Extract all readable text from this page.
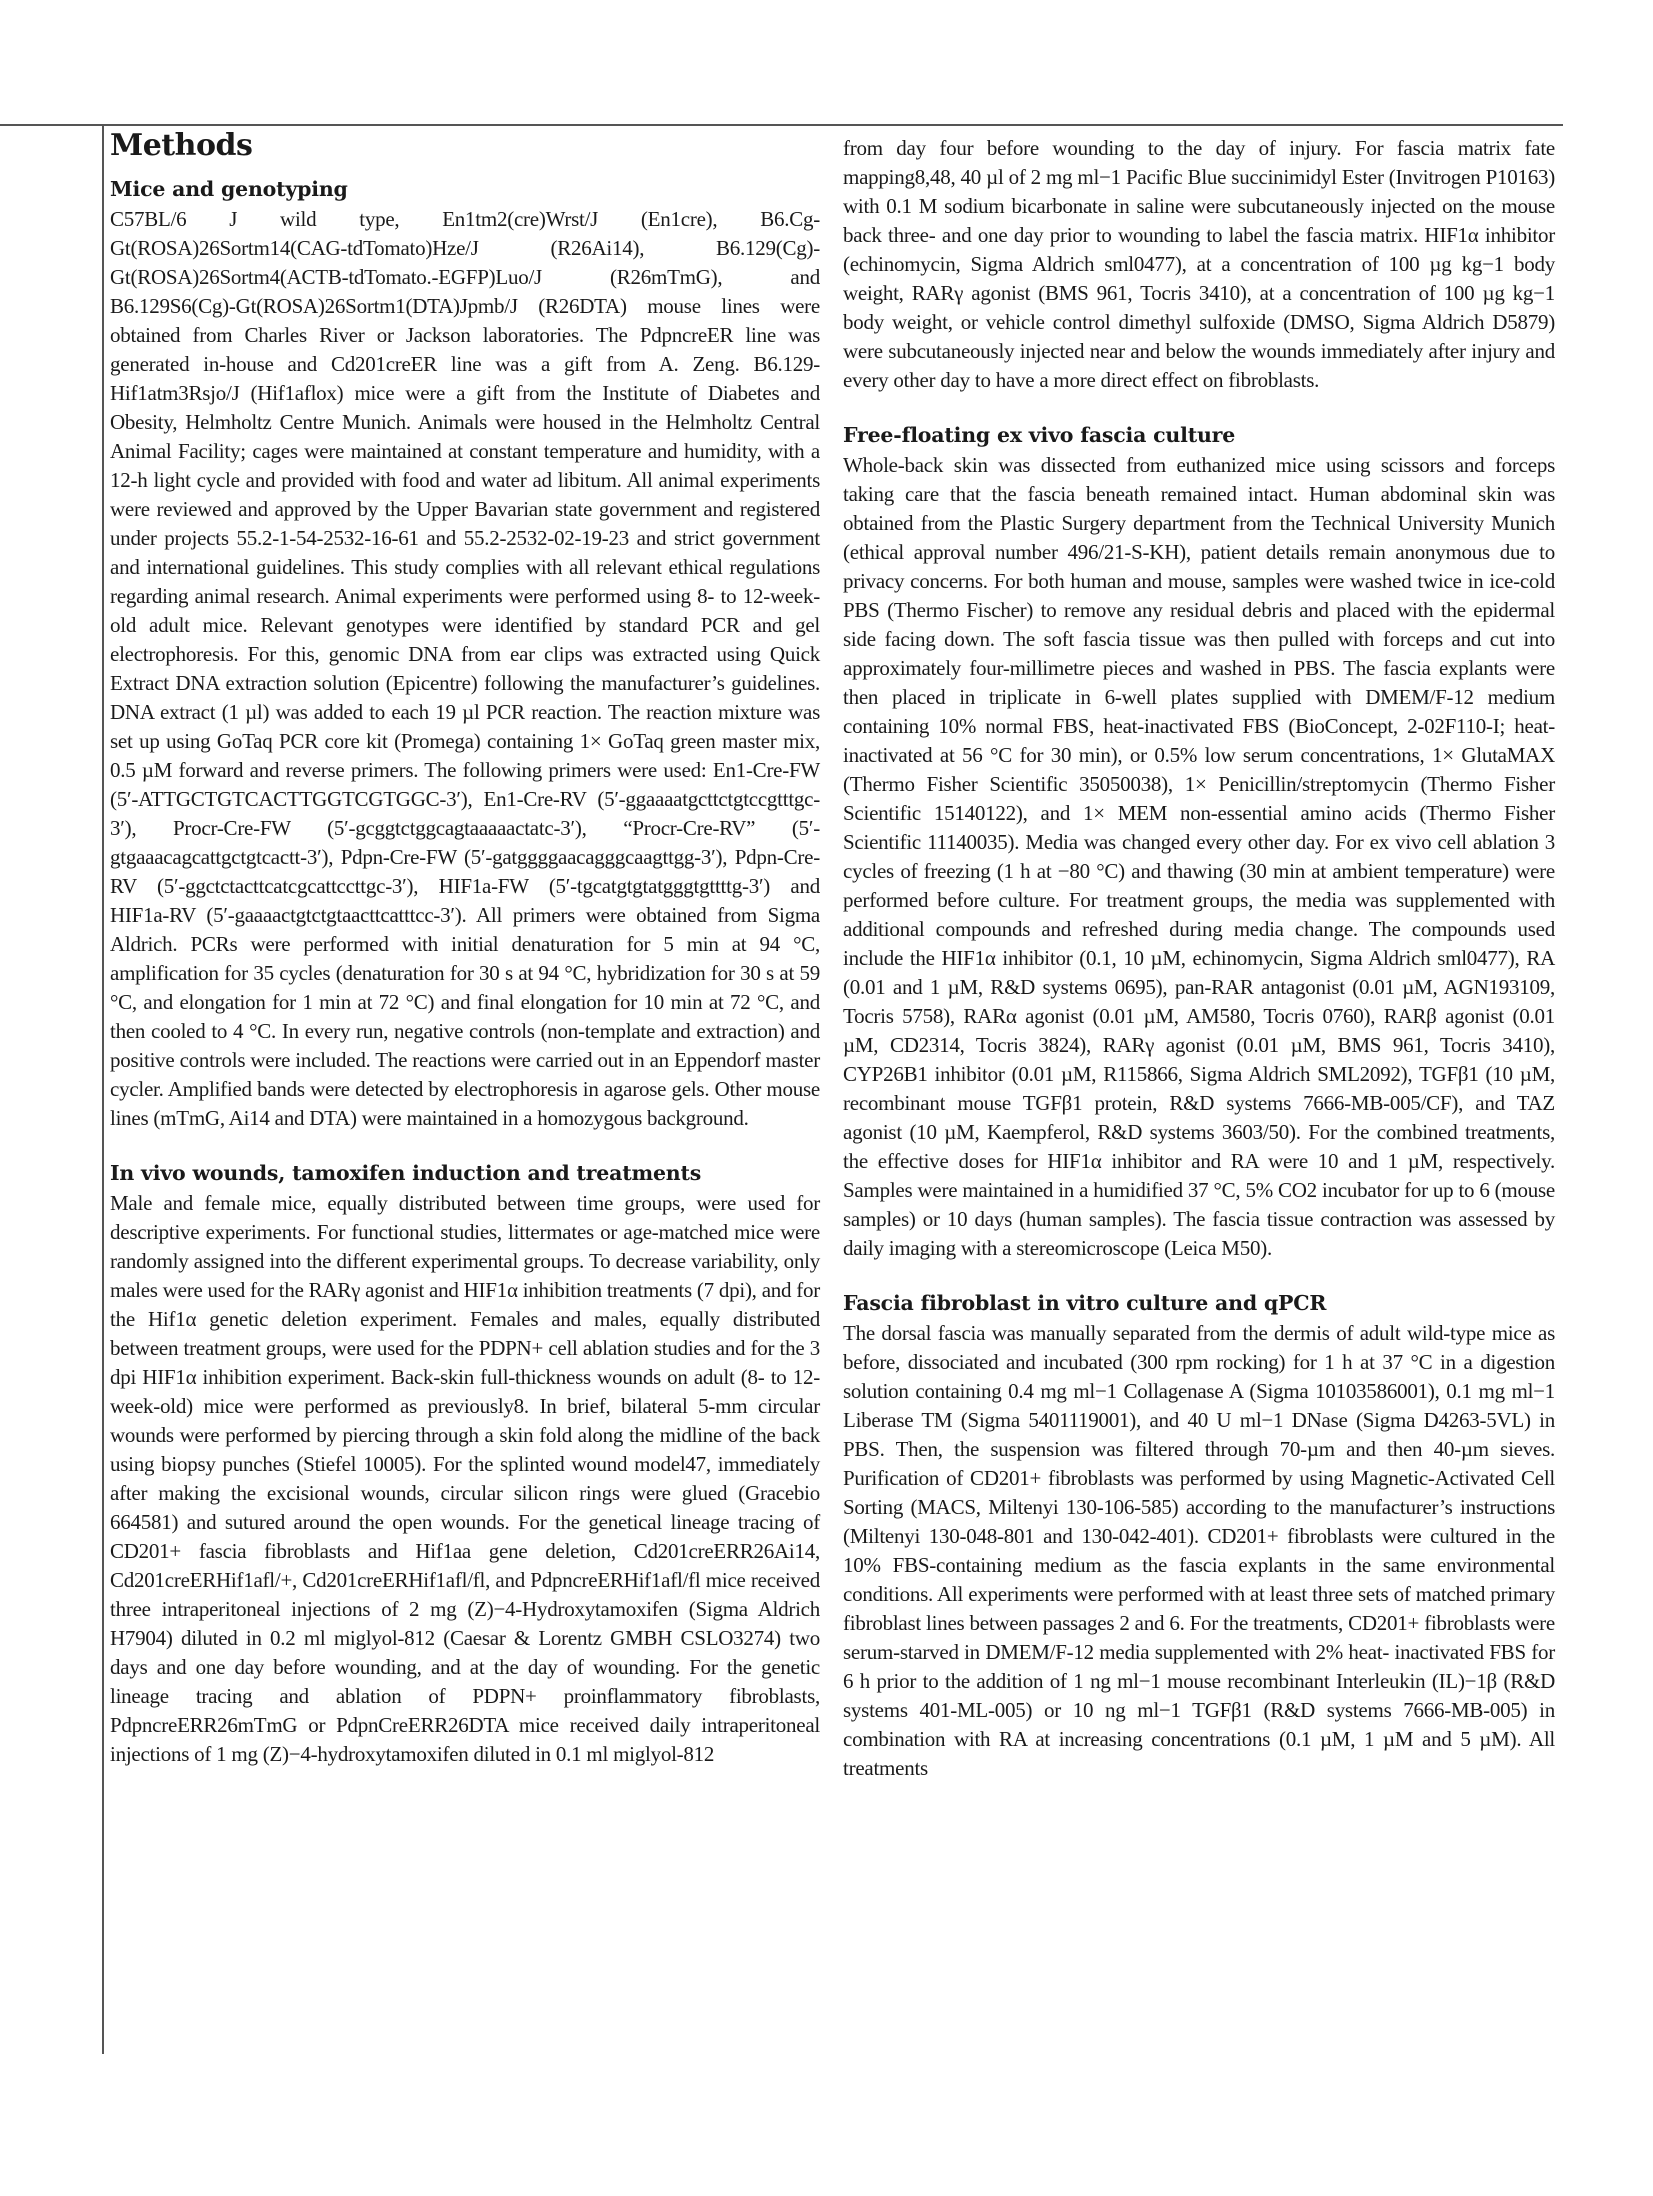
Methods
Mice and genotyping

C57BL/6 J wild type, En1tm2(cre)Wrst/J (En1cre), B6.Cg-Gt(ROSA)26Sortm14(CAG-tdTomato)Hze/J (R26Ai14), B6.129(Cg)-Gt(ROSA)26Sortm4(ACTB-tdTomato.-EGFP)Luo/J (R26mTmG), and B6.129S6(Cg)-Gt(ROSA)26Sortm1(DTA)Jpmb/J (R26DTA) mouse lines were obtained from Charles River or Jackson laboratories. The PdpncreER line was generated in-house and Cd201creER line was a gift from A. Zeng. B6.129-Hif1atm3Rsjo/J (Hif1aflox) mice were a gift from the Institute of Diabetes and Obesity, Helmholtz Centre Munich. Animals were housed in the Helmholtz Central Animal Facility; cages were maintained at constant temperature and humidity, with a 12-h light cycle and provided with food and water ad libitum. All animal experiments were reviewed and approved by the Upper Bavarian state government and registered under projects 55.2-1-54-2532-16-61 and 55.2-2532-02-19-23 and strict government and international guidelines. This study complies with all relevant ethical regulations regarding animal research. Animal experiments were performed using 8- to 12-week-old adult mice. Relevant genotypes were identified by standard PCR and gel electrophoresis. For this, genomic DNA from ear clips was extracted using Quick Extract DNA extraction solution (Epicentre) following the manufacturer’s guidelines. DNA extract (1 µl) was added to each 19 µl PCR reaction. The reaction mixture was set up using GoTaq PCR core kit (Promega) containing 1× GoTaq green master mix, 0.5 µM forward and reverse primers. The following primers were used: En1-Cre-FW (5′-ATTGCTGTCACTTGGTCGTGGC-3′), En1-Cre-RV (5′-ggaaaatgcttctgtccgtttgc-3′), Procr-Cre-FW (5′-gcggtctggcagtaaaaactatc-3′), “Procr-Cre-RV” (5′-gtgaaacagcattgctgtcactt-3′), Pdpn-Cre-FW (5′-gatggggaacagggcaagttgg-3′), Pdpn-Cre-RV (5′-ggctctacttcatcgcattccttgc-3′), HIF1a-FW (5′-tgcatgtgtatgggtgttttg-3′) and HIF1a-RV (5′-gaaaactgtctgtaacttcatttcc-3′). All primers were obtained from Sigma Aldrich. PCRs were performed with initial denaturation for 5 min at 94 °C, amplification for 35 cycles (denaturation for 30 s at 94 °C, hybridization for 30 s at 59 °C, and elongation for 1 min at 72 °C) and final elongation for 10 min at 72 °C, and then cooled to 4 °C. In every run, negative controls (non-template and extraction) and positive controls were included. The reactions were carried out in an Eppendorf master cycler. Amplified bands were detected by electrophoresis in agarose gels. Other mouse lines (mTmG, Ai14 and DTA) were maintained in a homozygous background.

In vivo wounds, tamoxifen induction and treatments

Male and female mice, equally distributed between time groups, were used for descriptive experiments. For functional studies, littermates or age-matched mice were randomly assigned into the different experimental groups. To decrease variability, only males were used for the RARγ agonist and HIF1α inhibition treatments (7 dpi), and for the Hif1α genetic deletion experiment. Females and males, equally distributed between treatment groups, were used for the PDPN+ cell ablation studies and for the 3 dpi HIF1α inhibition experiment. Back-skin full-thickness wounds on adult (8- to 12-week-old) mice were performed as previously8. In brief, bilateral 5-mm circular wounds were performed by piercing through a skin fold along the midline of the back using biopsy punches (Stiefel 10005). For the splinted wound model47, immediately after making the excisional wounds, circular silicon rings were glued (Gracebio 664581) and sutured around the open wounds. For the genetical lineage tracing of CD201+ fascia fibroblasts and Hif1aa gene deletion, Cd201creERR26Ai14, Cd201creERHif1afl/+, Cd201creERHif1afl/fl, and PdpncreERHif1afl/fl mice received three intraperitoneal injections of 2 mg (Z)−4-Hydroxytamoxifen (Sigma Aldrich H7904) diluted in 0.2 ml miglyol-812 (Caesar & Lorentz GMBH CSLO3274) two days and one day before wounding, and at the day of wounding. For the genetic lineage tracing and ablation of PDPN+ proinflammatory fibroblasts, PdpncreERR26mTmG or PdpnCreERR26DTA mice received daily intraperitoneal injections of 1 mg (Z)−4-hydroxytamoxifen diluted in 0.1 ml miglyol-812

from day four before wounding to the day of injury. For fascia matrix fate mapping8,48, 40 µl of 2 mg ml−1 Pacific Blue succinimidyl Ester (Invitrogen P10163) with 0.1 M sodium bicarbonate in saline were subcutaneously injected on the mouse back three- and one day prior to wounding to label the fascia matrix. HIF1α inhibitor (echinomycin, Sigma Aldrich sml0477), at a concentration of 100 µg kg−1 body weight, RARγ agonist (BMS 961, Tocris 3410), at a concentration of 100 µg kg−1 body weight, or vehicle control dimethyl sulfoxide (DMSO, Sigma Aldrich D5879) were subcutaneously injected near and below the wounds immediately after injury and every other day to have a more direct effect on fibroblasts.

Free-floating ex vivo fascia culture

Whole-back skin was dissected from euthanized mice using scissors and forceps taking care that the fascia beneath remained intact. Human abdominal skin was obtained from the Plastic Surgery department from the Technical University Munich (ethical approval number 496/21-S-KH), patient details remain anonymous due to privacy concerns. For both human and mouse, samples were washed twice in ice-cold PBS (Thermo Fischer) to remove any residual debris and placed with the epidermal side facing down. The soft fascia tissue was then pulled with forceps and cut into approximately four-millimetre pieces and washed in PBS. The fascia explants were then placed in triplicate in 6-well plates supplied with DMEM/F-12 medium containing 10% normal FBS, heat-inactivated FBS (BioConcept, 2-02F110-I; heat-inactivated at 56 °C for 30 min), or 0.5% low serum concentrations, 1× GlutaMAX (Thermo Fisher Scientific 35050038), 1× Penicillin/streptomycin (Thermo Fisher Scientific 15140122), and 1× MEM non-essential amino acids (Thermo Fisher Scientific 11140035). Media was changed every other day. For ex vivo cell ablation 3 cycles of freezing (1 h at −80 °C) and thawing (30 min at ambient temperature) were performed before culture. For treatment groups, the media was supplemented with additional compounds and refreshed during media change. The compounds used include the HIF1α inhibitor (0.1, 10 µM, echinomycin, Sigma Aldrich sml0477), RA (0.01 and 1 µM, R&D systems 0695), pan-RAR antagonist (0.01 µM, AGN193109, Tocris 5758), RARα agonist (0.01 µM, AM580, Tocris 0760), RARβ agonist (0.01 µM, CD2314, Tocris 3824), RARγ agonist (0.01 µM, BMS 961, Tocris 3410), CYP26B1 inhibitor (0.01 µM, R115866, Sigma Aldrich SML2092), TGFβ1 (10 µM, recombinant mouse TGFβ1 protein, R&D systems 7666-MB-005/CF), and TAZ agonist (10 µM, Kaempferol, R&D systems 3603/50). For the combined treatments, the effective doses for HIF1α inhibitor and RA were 10 and 1 µM, respectively. Samples were maintained in a humidified 37 °C, 5% CO2 incubator for up to 6 (mouse samples) or 10 days (human samples). The fascia tissue contraction was assessed by daily imaging with a stereomicroscope (Leica M50).

Fascia fibroblast in vitro culture and qPCR

The dorsal fascia was manually separated from the dermis of adult wild-type mice as before, dissociated and incubated (300 rpm rocking) for 1 h at 37 °C in a digestion solution containing 0.4 mg ml−1 Collagenase A (Sigma 10103586001), 0.1 mg ml−1 Liberase TM (Sigma 5401119001), and 40 U ml−1 DNase (Sigma D4263-5VL) in PBS. Then, the suspension was filtered through 70-µm and then 40-µm sieves. Purification of CD201+ fibroblasts was performed by using Magnetic-Activated Cell Sorting (MACS, Miltenyi 130-106-585) according to the manufacturer’s instructions (Miltenyi 130-048-801 and 130-042-401). CD201+ fibroblasts were cultured in the 10% FBS-containing medium as the fascia explants in the same environmental conditions. All experiments were performed with at least three sets of matched primary fibroblast lines between passages 2 and 6. For the treatments, CD201+ fibroblasts were serum-starved in DMEM/F-12 media supplemented with 2% heat- inactivated FBS for 6 h prior to the addition of 1 ng ml−1 mouse recombinant Interleukin (IL)−1β (R&D systems 401-ML-005) or 10 ng ml−1 TGFβ1 (R&D systems 7666-MB-005) in combination with RA at increasing concentrations (0.1 µM, 1 µM and 5 µM). All treatments
